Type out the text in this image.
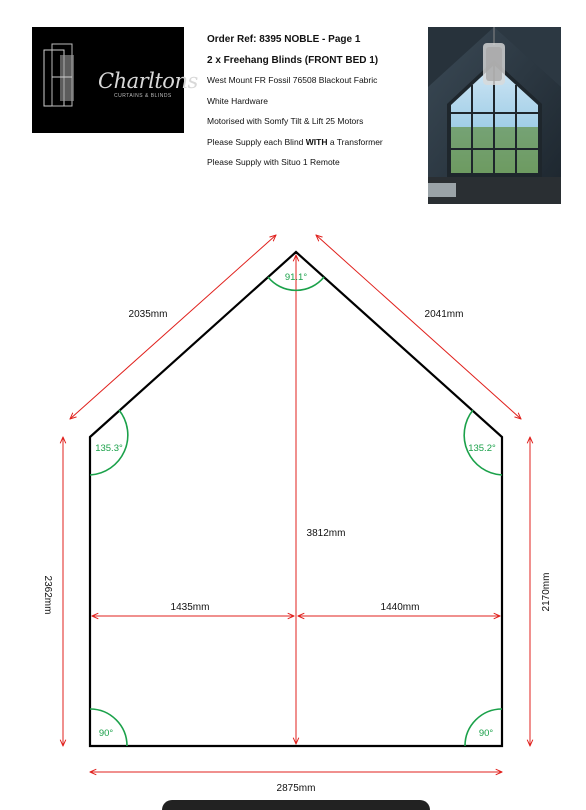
Charltons
CURTAINS & BLINDS
Order Ref: 8395 NOBLE - Page 1
2 x Freehang Blinds (FRONT BED 1)
West Mount FR Fossil 76508 Blackout Fabric
White Hardware
Motorised with Somfy Tilt & Lift 25 Motors
Please Supply each Blind WITH a Transformer
Please Supply with Situo 1 Remote
2035mm	2041mm
3812mm
1435mm	1440mm
2875mm
2362mm	2170mm
91.1°
135.3°	135.2°
90°	90°
